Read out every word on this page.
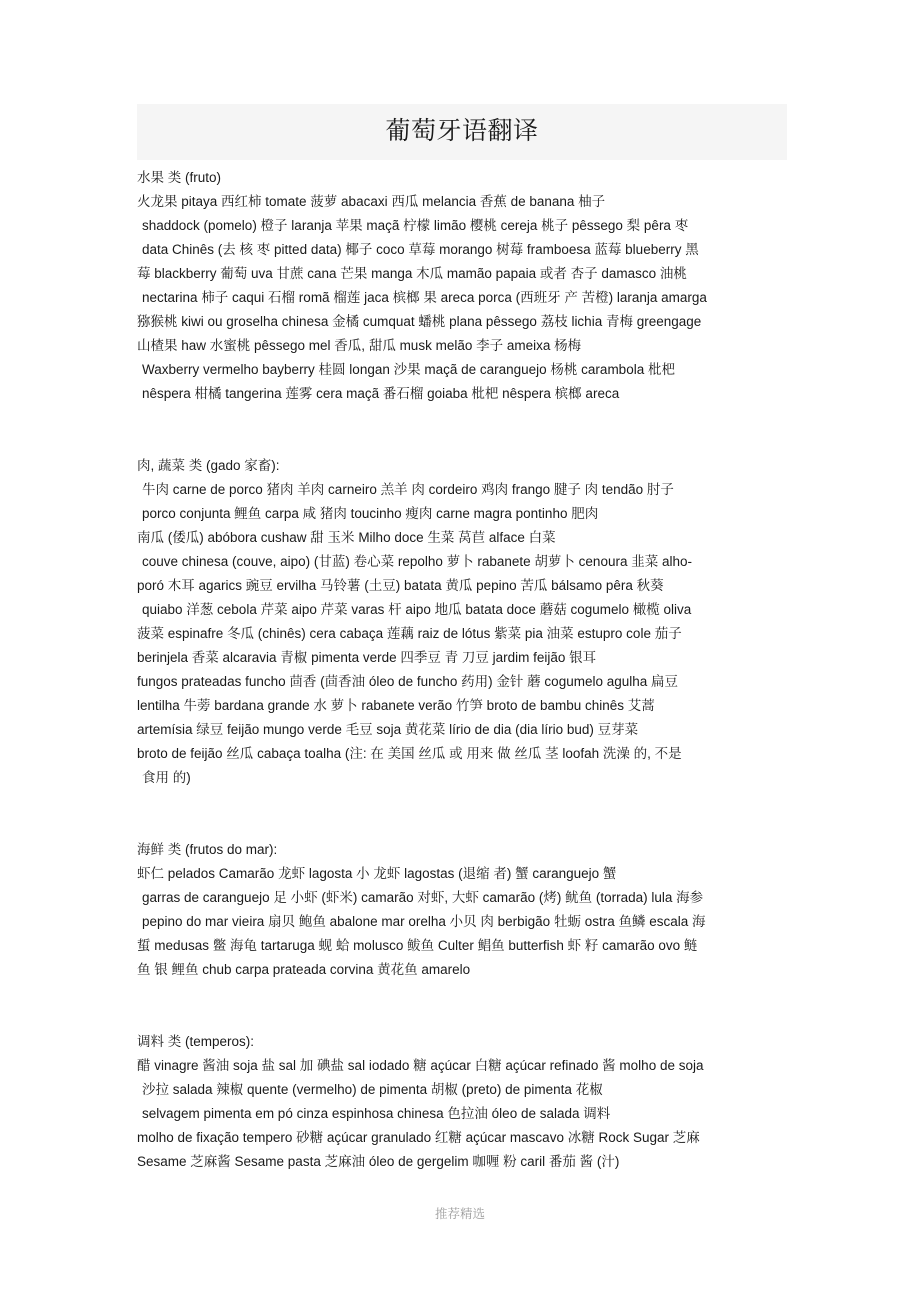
葡萄牙语翻译
水果 类 (fruto)
火龙果 pitaya 西红柿 tomate 菠萝 abacaxi 西瓜 melancia 香蕉 de banana 柚子
shaddock (pomelo) 橙子 laranja 苹果 maçã 柠檬 limão 樱桃 cereja 桃子 pêssego 梨 pêra 枣
data Chinês (去 核 枣 pitted data) 椰子 coco 草莓 morango 树莓 framboesa 蓝莓 blueberry 黑
莓 blackberry 葡萄 uva 甘蔗 cana 芒果 manga 木瓜 mamão papaia 或者 杏子 damasco 油桃
nectarina 柿子 caqui 石榴 romã 榴莲 jaca 槟榔 果 areca porca (西班牙 产 苦橙) laranja amarga
猕猴桃 kiwi ou groselha chinesa 金橘 cumquat 蟠桃 plana pêssego 荔枝 lichia 青梅 greengage
山楂果 haw 水蜜桃 pêssego mel 香瓜, 甜瓜 musk melão 李子 ameixa 杨梅
Waxberry vermelho bayberry 桂圆 longan 沙果 maçã de caranguejo 杨桃 carambola 枇杷
nêspera 柑橘 tangerina 莲雾 cera maçã 番石榴 goiaba 枇杷 nêspera 槟榔 areca
肉, 蔬菜 类 (gado 家畜):
牛肉 carne de porco 猪肉 羊肉 carneiro 羔羊 肉 cordeiro 鸡肉 frango 腱子 肉 tendão 肘子
porco conjunta 鲤鱼 carpa 咸 猪肉 toucinho 瘦肉 carne magra pontinho 肥肉
南瓜 (倭瓜) abóbora cushaw 甜 玉米 Milho doce 生菜 莴苣 alface 白菜
couve chinesa (couve, aipo) (甘蓝) 卷心菜 repolho 萝卜 rabanete 胡萝卜 cenoura 韭菜 alho-
poró 木耳 agarics 豌豆 ervilha 马铃薯 (土豆) batata 黄瓜 pepino 苦瓜 bálsamo pêra 秋葵
quiabo 洋葱 cebola 芹菜 aipo 芹菜 varas 杆 aipo 地瓜 batata doce 蘑菇 cogumelo 橄榄 oliva
菠菜 espinafre 冬瓜 (chinês) cera cabaça 莲藕 raiz de lótus 紫菜 pia 油菜 estupro cole 茄子
berinjela 香菜 alcaravia 青椒 pimenta verde 四季豆 青 刀豆 jardim feijão 银耳
fungos prateadas funcho 茴香 (茴香油 óleo de funcho 药用) 金针 蘑 cogumelo agulha 扁豆
lentilha 牛蒡 bardana grande 水 萝卜 rabanete verão 竹笋 broto de bambu chinês 艾蒿
artemísia 绿豆 feijão mungo verde 毛豆 soja 黄花菜 lírio de dia (dia lírio bud) 豆芽菜
broto de feijão 丝瓜 cabaça toalha (注: 在 美国 丝瓜 或 用来 做 丝瓜 茎 loofah 洗澡 的, 不是
食用 的)
海鲜 类 (frutos do mar):
虾仁 pelados Camarão 龙虾 lagosta 小 龙虾 lagostas (退缩 者) 蟹 caranguejo 蟹
garras de caranguejo 足 小虾 (虾米) camarão 对虾, 大虾 camarão (烤) 鱿鱼 (torrada) lula 海参
pepino do mar vieira 扇贝 鲍鱼 abalone mar orelha 小贝 肉 berbigão 牡蛎 ostra 鱼鳞 escala 海
蜇 medusas 鳖 海龟 tartaruga 蚬 蛤 molusco 鲅鱼 Culter 鲳鱼 butterfish 虾 籽 camarão ovo 鲢
鱼 银 鲤鱼 chub carpa prateada corvina 黄花鱼 amarelo
调料 类 (temperos):
醋 vinagre 酱油 soja 盐 sal 加 碘盐 sal iodado 糖 açúcar 白糖 açúcar refinado 酱 molho de soja
沙拉 salada 辣椒 quente (vermelho) de pimenta 胡椒 (preto) de pimenta 花椒
selvagem pimenta em pó cinza espinhosa chinesa 色拉油 óleo de salada 调料
molho de fixação tempero 砂糖 açúcar granulado 红糖 açúcar mascavo 冰糖 Rock Sugar 芝麻
Sesame 芝麻酱 Sesame pasta 芝麻油 óleo de gergelim 咖喱 粉 caril 番茄 酱 (汁)
推荐精选
